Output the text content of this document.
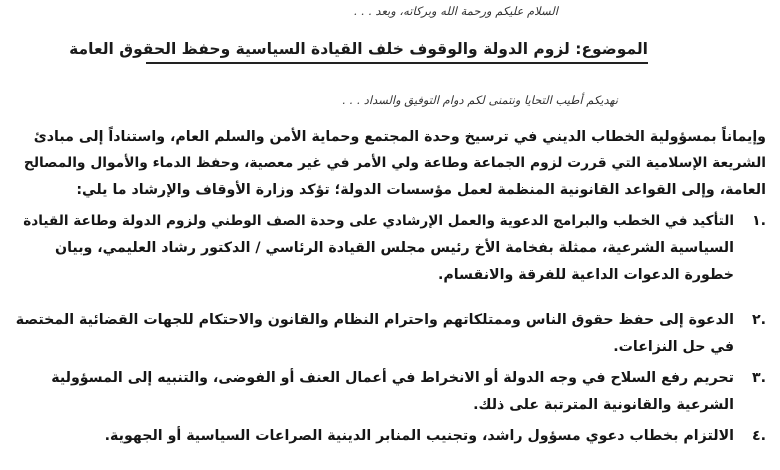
السلام عليكم ورحمة الله وبركاته، وبعد . . .
الموضوع: لزوم الدولة والوقوف خلف القيادة السياسية وحفظ الحقوق العامة
نهديكم أطيب التحايا ونتمنى لكم دوام التوفيق والسداد . . .
وإيماناً بمسؤولية الخطاب الديني في ترسيخ وحدة المجتمع وحماية الأمن والسلم العام، واستناداً إلى مبادئ
الشريعة الإسلامية التي قررت لزوم الجماعة وطاعة ولي الأمر في غير معصية، وحفظ الدماء والأموال والمصالح
العامة، وإلى القواعد القانونية المنظمة لعمل مؤسسات الدولة؛ تؤكد وزارة الأوقاف والإرشاد ما يلي:
١.
التأكيد في الخطب والبرامج الدعوية والعمل الإرشادي على وحدة الصف الوطني ولزوم الدولة وطاعة القيادة
السياسية الشرعية، ممثلة بفخامة الأخ رئيس مجلس القيادة الرئاسي / الدكتور رشاد العليمي، وبيان
خطورة الدعوات الداعية للفرقة والانقسام.
٢.
الدعوة إلى حفظ حقوق الناس وممتلكاتهم واحترام النظام والقانون والاحتكام للجهات القضائية المختصة
في حل النزاعات.
٣.
تحريم رفع السلاح في وجه الدولة أو الانخراط في أعمال العنف أو الفوضى، والتنبيه إلى المسؤولية
الشرعية والقانونية المترتبة على ذلك.
٤.
الالتزام بخطاب دعوي مسؤول راشد، وتجنيب المنابر الدينية الصراعات السياسية أو الجهوية.
